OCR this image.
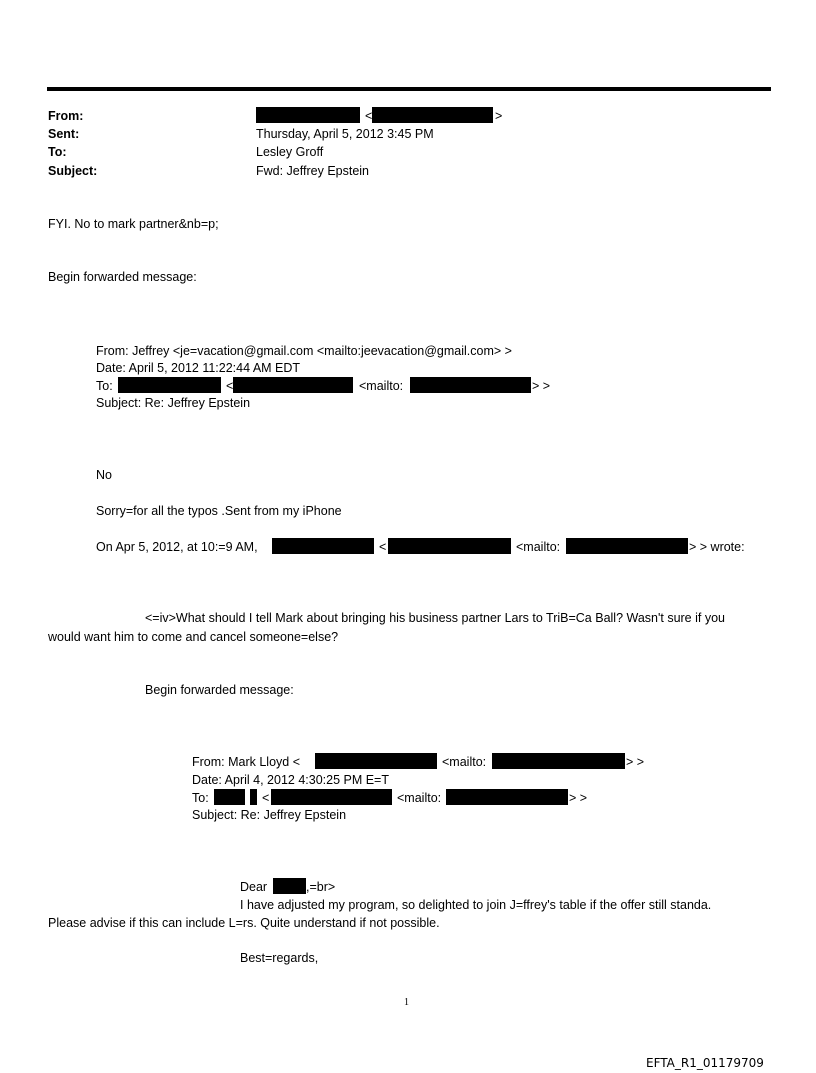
From:	<	>
Sent:	Thursday, April 5, 2012 3:45 PM
To:	Lesley Groff
Subject:	Fwd: Jeffrey Epstein
FYI. No to mark partner&nb=p;
Begin forwarded message:
From: Jeffrey <je=vacation@gmail.com <mailto:jeevacation@gmail.com> >
Date: April 5, 2012 11:22:44 AM EDT
To:	<	<mailto:	> >
Subject: Re: Jeffrey Epstein
No
Sorry=for all the typos .Sent from my iPhone
On Apr 5, 2012, at 10:=9 AM,	<	<mailto:	> > wrote:
<=iv>What should I tell Mark about bringing his business partner Lars to TriB=Ca Ball? Wasn't sure if you
would want him to come and cancel someone=else?
Begin forwarded message:
From: Mark Lloyd <	<mailto:	> >
Date: April 4, 2012 4:30:25 PM E=T
To:	<	<mailto:	> >
Subject: Re: Jeffrey Epstein
Dear	,=br>
I have adjusted my program, so delighted to join J=ffrey's table if the offer still standa.
Please advise if this can include L=rs. Quite understand if not possible.
Best=regards,
1
EFTA_R1_01179709
